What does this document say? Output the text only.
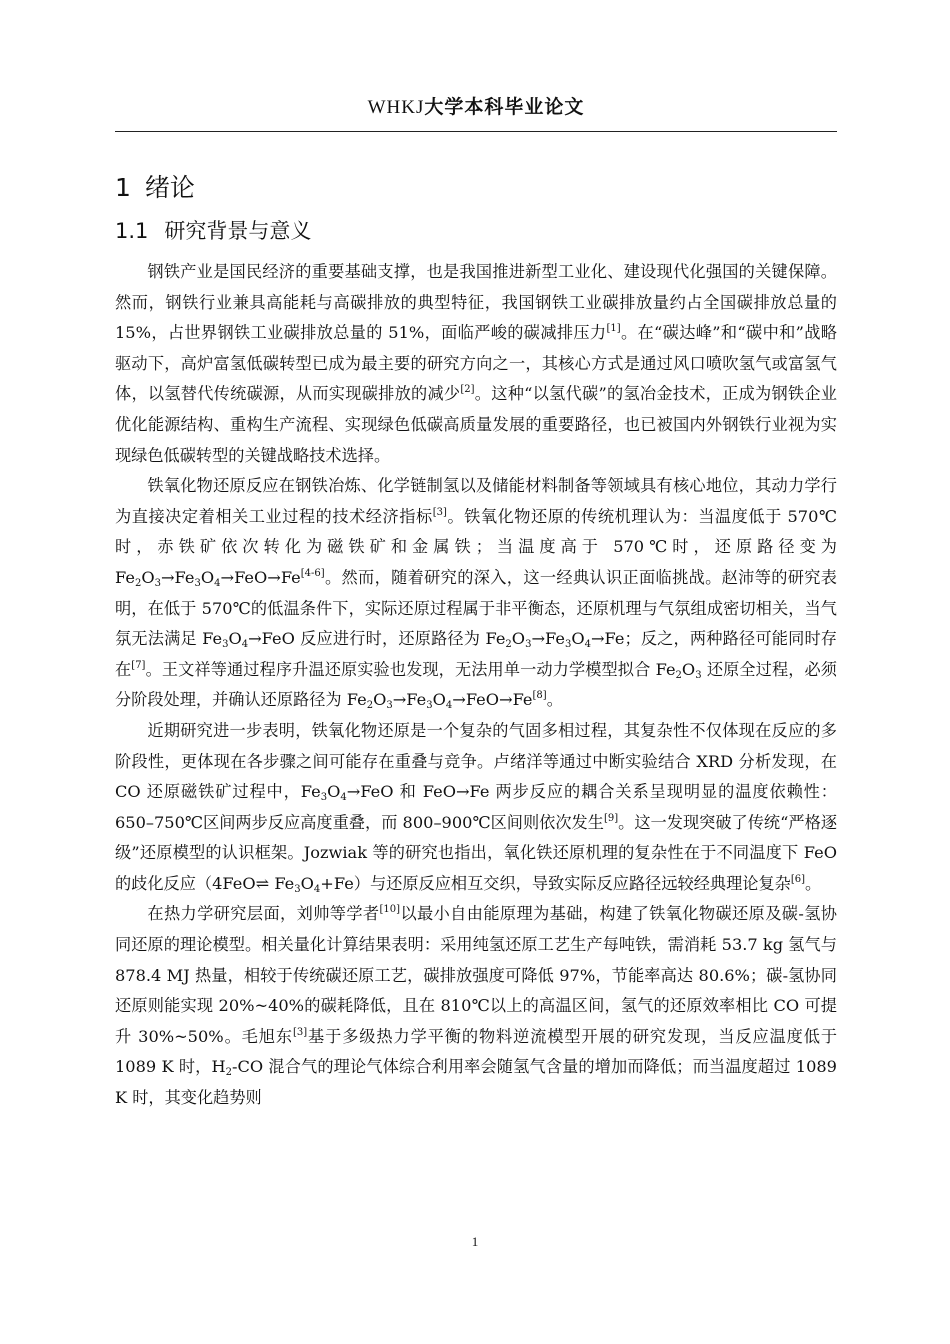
WHKJ大学本科毕业论文
1 绪论
1.1 研究背景与意义

钢铁产业是国民经济的重要基础支撑，也是我国推进新型工业化、建设现代化强国的关键保障。然而，钢铁行业兼具高能耗与高碳排放的典型特征，我国钢铁工业碳排放量约占全国碳排放总量的 15%，占世界钢铁工业碳排放总量的 51%，面临严峻的碳减排压力[1]。在“碳达峰”和“碳中和”战略驱动下，高炉富氢低碳转型已成为最主要的研究方向之一，其核心方式是通过风口喷吹氢气或富氢气体，以氢替代传统碳源，从而实现碳排放的减少[2]。这种“以氢代碳”的氢冶金技术，正成为钢铁企业优化能源结构、重构生产流程、实现绿色低碳高质量发展的重要路径，也已被国内外钢铁行业视为实现绿色低碳转型的关键战略技术选择。

铁氧化物还原反应在钢铁冶炼、化学链制氢以及储能材料制备等领域具有核心地位，其动力学行为直接决定着相关工业过程的技术经济指标[3]。铁氧化物还原的传统机理认为：当温度低于 570℃时，赤铁矿依次转化为磁铁矿和金属铁；当温度高于 570℃时，还原路径变为 $Fe_2O_3\to Fe_3O_4\to FeO\to Fe[4-6]$。然而，随着研究的深入，这一经典认识正面临挑战。赵沛等的研究表明，在低于 570℃的低温条件下，实际还原过程属于非平衡态，还原机理与气氛组成密切相关，当气氛无法满足 $Fe_3O_4\to FeO$ 反应进行时，还原路径为 $Fe_2O_3\to Fe_3O_4\to Fe$；反之，两种路径可能同时存在[7]。王文祥等通过程序升温还原实验也发现，无法用单一动力学模型拟合 $Fe_2O_3$ 还原全过程，必须分阶段处理，并确认还原路径为 $Fe_2O_3\to Fe_3O_4\to FeO\to Fe[8]$。

近期研究进一步表明，铁氧化物还原是一个复杂的气固多相过程，其复杂性不仅体现在反应的多阶段性，更体现在各步骤之间可能存在重叠与竞争。卢绪洋等通过中断实验结合 XRD 分析发现，在 CO 还原磁铁矿过程中，$Fe_3O_4\to FeO$ 和 FeO→Fe 两步反应的耦合关系呈现明显的温度依赖性：650–750℃区间两步反应高度重叠，而 800–900℃区间则依次发生[9]。这一发现突破了传统“严格逐级”还原模型的认识框架。Jozwiak 等的研究也指出，氧化铁还原机理的复杂性在于不同温度下 FeO 的歧化反应（4FeO⇌ $Fe_3O_4+Fe$）与还原反应相互交织，导致实际反应路径远较经典理论复杂[6]。

在热力学研究层面，刘帅等学者[10]以最小自由能原理为基础，构建了铁氧化物碳还原及碳-氢协同还原的理论模型。相关量化计算结果表明：采用纯氢还原工艺生产每吨铁，需消耗 53.7 kg 氢气与 878.4 MJ 热量，相较于传统碳还原工艺，碳排放强度可降低 97%，节能率高达 80.6%；碳-氢协同还原则能实现 20%~40%的碳耗降低，且在 810℃以上的高温区间，氢气的还原效率相比 CO 可提升 30%~50%。毛旭东[3]基于多级热力学平衡的物料逆流模型开展的研究发现，当反应温度低于 1089 K 时，$H_2-CO$ 混合气的理论气体综合利用率会随氢气含量的增加而降低；而当温度超过 1089 K 时，其变化趋势则

1
